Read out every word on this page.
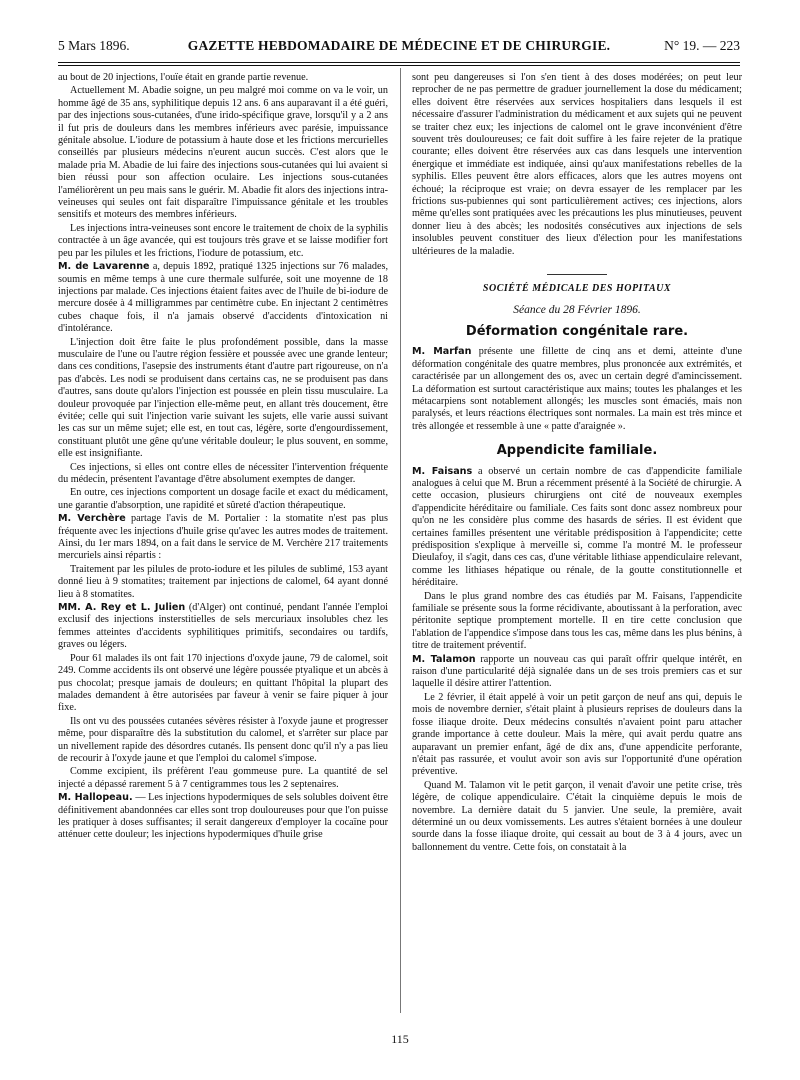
5 Mars 1896.	GAZETTE HEBDOMADAIRE DE MÉDECINE ET DE CHIRURGIE.	N° 19. — 223

au bout de 20 injections, l'ouïe était en grande partie revenue.

Actuellement M. Abadie soigne, un peu malgré moi comme on va le voir, un homme âgé de 35 ans, syphilitique depuis 12 ans. 6 ans auparavant il a été guéri, par des injections sous-cutanées, d'une irido-spécifique grave, lorsqu'il y a 2 ans il fut pris de douleurs dans les membres inférieurs avec parésie, impuissance génitale absolue. L'iodure de potassium à haute dose et les frictions mercurielles conseillés par plusieurs médecins n'eurent aucun succès. C'est alors que le malade pria M. Abadie de lui faire des injections sous-cutanées qui lui avaient si bien réussi pour son affection oculaire. Les injections sous-cutanées l'améliorèrent un peu mais sans le guérir. M. Abadie fit alors des injections intra-veineuses qui seules ont fait disparaître l'impuissance génitale et les troubles sensitifs et moteurs des membres inférieurs.

Les injections intra-veineuses sont encore le traitement de choix de la syphilis contractée à un âge avancée, qui est toujours très grave et se laisse modifier fort peu par les pilules et les frictions, l'iodure de potassium, etc.

M. de Lavarenne a, depuis 1892, pratiqué 1325 injections sur 76 malades, soumis en même temps à une cure thermale sulfurée, soit une moyenne de 18 injections par malade. Ces injections étaient faites avec de l'huile de bi-iodure de mercure dosée à 4 milligrammes par centimètre cube. En injectant 2 centimètres cubes chaque fois, il n'a jamais observé d'accidents d'intoxication ni d'intolérance.

L'injection doit être faite le plus profondément possible, dans la masse musculaire de l'une ou l'autre région fessière et poussée avec une grande lenteur; dans ces conditions, l'asepsie des instruments étant d'autre part rigoureuse, on n'a pas d'abcès. Les nodi se produisent dans certains cas, ne se produisent pas dans d'autres, sans doute qu'alors l'injection est poussée en plein tissu musculaire. La douleur provoquée par l'injection elle-même peut, en allant très doucement, être évitée; celle qui suit l'injection varie suivant les sujets, elle varie aussi suivant les cas sur un même sujet; elle est, en tout cas, légère, sorte d'engourdissement, constituant plutôt une gêne qu'une véritable douleur; le plus souvent, en somme, elle est insignifiante.

Ces injections, si elles ont contre elles de nécessiter l'intervention fréquente du médecin, présentent l'avantage d'être absolument exemptes de danger.

En outre, ces injections comportent un dosage facile et exact du médicament, une garantie d'absorption, une rapidité et sûreté d'action thérapeutique.

M. Verchère partage l'avis de M. Portalier : la stomatite n'est pas plus fréquente avec les injections d'huile grise qu'avec les autres modes de traitement. Ainsi, du 1er mars 1894, on a fait dans le service de M. Verchère 217 traitements mercuriels ainsi répartis :

Traitement par les pilules de proto-iodure et les pilules de sublimé, 153 ayant donné lieu à 9 stomatites; traitement par injections de calomel, 64 ayant donné lieu à 8 stomatites.

MM. A. Rey et L. Julien (d'Alger) ont continué, pendant l'année l'emploi exclusif des injections insterstitielles de sels mercuriaux insolubles chez les femmes atteintes d'accidents syphilitiques primitifs, secondaires ou tardifs, graves ou légers.

Pour 61 malades ils ont fait 170 injections d'oxyde jaune, 79 de calomel, soit 249. Comme accidents ils ont observé une légère poussée ptyalique et un abcès à pus chocolat; presque jamais de douleurs; en quittant l'hôpital la plupart des malades demandent à être autorisées par faveur à venir se faire piquer à jour fixe.

Ils ont vu des poussées cutanées sévères résister à l'oxyde jaune et progresser même, pour disparaître dès la substitution du calomel, et s'arrêter sur place par un nivellement rapide des désordres cutanés. Ils pensent donc qu'il n'y a pas lieu de recourir à l'oxyde jaune et que l'emploi du calomel s'impose.

Comme excipient, ils préfèrent l'eau gommeuse pure. La quantité de sel injecté a dépassé rarement 5 à 7 centigrammes tous les 2 septenaires.

M. Hallopeau. — Les injections hypodermiques de sels solubles doivent être définitivement abandonnées car elles sont trop douloureuses pour que l'on puisse les pratiquer à doses suffisantes; il serait dangereux d'employer la cocaïne pour atténuer cette douleur; les injections hypodermiques d'huile grise

sont peu dangereuses si l'on s'en tient à des doses modérées; on peut leur reprocher de ne pas permettre de graduer journellement la dose du médicament; elles doivent être réservées aux services hospitaliers dans lesquels il est nécessaire d'assurer l'administration du médicament et aux sujets qui ne peuvent se traiter chez eux; les injections de calomel ont le grave inconvénient d'être souvent très douloureuses; ce fait doit suffire à les faire rejeter de la pratique courante; elles doivent être réservées aux cas dans lesquels une intervention énergique et immédiate est indiquée, ainsi qu'aux manifestations rebelles de la syphilis. Elles peuvent être alors efficaces, alors que les autres moyens ont échoué; la réciproque est vraie; on devra essayer de les remplacer par les frictions sus-pubiennes qui sont particulièrement actives; ces injections, alors même qu'elles sont pratiquées avec les précautions les plus minutieuses, peuvent donner lieu à des abcès; les nodosités consécutives aux injections de sels insolubles peuvent constituer des lieux d'élection pour les manifestations ultérieures de la maladie.

SOCIÉTÉ MÉDICALE DES HOPITAUX
Séance du 28 Février 1896.
Déformation congénitale rare.

M. Marfan présente une fillette de cinq ans et demi, atteinte d'une déformation congénitale des quatre membres, plus prononcée aux extrémités, et caractérisée par un allongement des os, avec un certain degré d'amincissement. La déformation est surtout caractéristique aux mains; toutes les phalanges et les métacarpiens sont notablement allongés; les muscles sont émaciés, mais non paralysés, et leurs réactions électriques sont normales. La main est très mince et très allongée et ressemble à une « patte d'araignée ».

Appendicite familiale.

M. Faisans a observé un certain nombre de cas d'appendicite familiale analogues à celui que M. Brun a récemment présenté à la Société de chirurgie. A cette occasion, plusieurs chirurgiens ont cité de nouveaux exemples d'appendicite héréditaire ou familiale. Ces faits sont donc assez nombreux pour qu'on ne les considère plus comme des hasards de séries. Il est évident que certaines familles présentent une véritable prédisposition à l'appendicite; cette prédisposition s'explique à merveille si, comme l'a montré M. le professeur Dieulafoy, il s'agit, dans ces cas, d'une véritable lithiase appendiculaire relevant, comme les lithiases hépatique ou rénale, de la goutte constitutionnelle et héréditaire.

Dans le plus grand nombre des cas étudiés par M. Faisans, l'appendicite familiale se présente sous la forme récidivante, aboutissant à la perforation, avec péritonite septique promptement mortelle. Il en tire cette conclusion que l'ablation de l'appendice s'impose dans tous les cas, même dans les plus bénins, à titre de traitement préventif.

M. Talamon rapporte un nouveau cas qui paraît offrir quelque intérêt, en raison d'une particularité déjà signalée dans un de ses trois premiers cas et sur laquelle il désire attirer l'attention.

Le 2 février, il était appelé à voir un petit garçon de neuf ans qui, depuis le mois de novembre dernier, s'était plaint à plusieurs reprises de douleurs dans la fosse iliaque droite. Deux médecins consultés n'avaient point paru attacher grande importance à cette douleur. Mais la mère, qui avait perdu quatre ans auparavant un premier enfant, âgé de dix ans, d'une appendicite perforante, n'était pas rassurée, et voulut avoir son avis sur l'opportunité d'une opération préventive.

Quand M. Talamon vit le petit garçon, il venait d'avoir une petite crise, très légère, de colique appendiculaire. C'était la cinquième depuis le mois de novembre. La dernière datait du 5 janvier. Une seule, la première, avait déterminé un ou deux vomissements. Les autres s'étaient bornées à une douleur sourde dans la fosse iliaque droite, qui cessait au bout de 3 à 4 jours, avec un ballonnement du ventre. Cette fois, on constatait à la

115
